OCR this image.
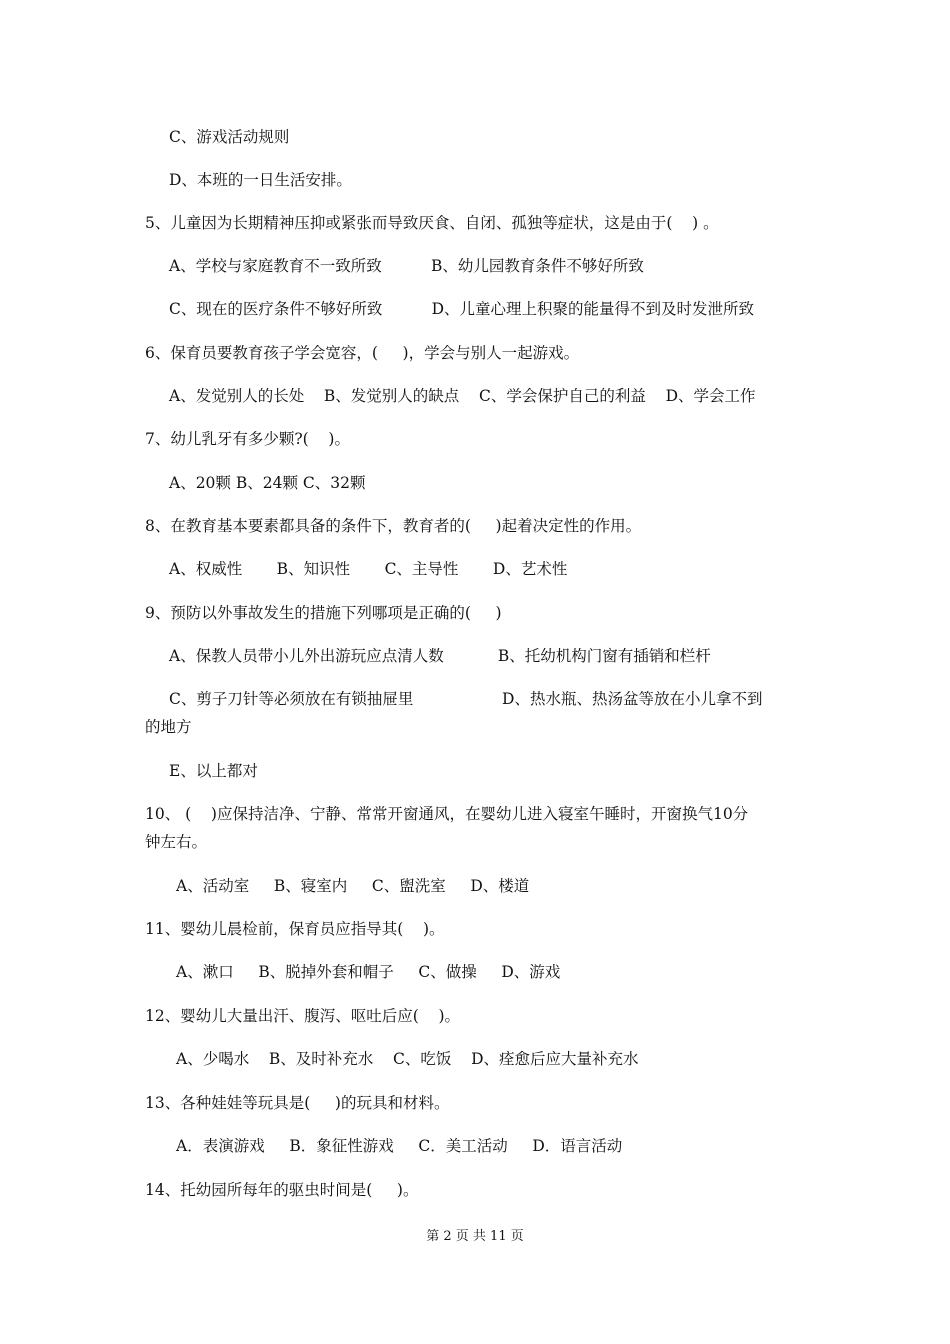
C、游戏活动规则
D、本班的一日生活安排。
5、儿童因为长期精神压抑或紧张而导致厌食、自闭、孤独等症状，这是由于(    ) 。
A、学校与家庭教育不一致所致          B、幼儿园教育条件不够好所致
C、现在的医疗条件不够好所致          D、儿童心理上积聚的能量得不到及时发泄所致
6、保育员要教育孩子学会宽容，(     )，学会与别人一起游戏。
A、发觉别人的长处    B、发觉别人的缺点    C、学会保护自己的利益    D、学会工作
7、幼儿乳牙有多少颗?(    )。
A、20颗 B、24颗 C、32颗
8、在教育基本要素都具备的条件下，教育者的(     )起着决定性的作用。
A、权威性       B、知识性       C、主导性       D、艺术性
9、预防以外事故发生的措施下列哪项是正确的(     )
A、保教人员带小儿外出游玩应点清人数           B、托幼机构门窗有插销和栏杆
C、剪子刀针等必须放在有锁抽屉里                  D、热水瓶、热汤盆等放在小儿拿不到
的地方
E、以上都对
10、 (    )应保持洁净、宁静、常常开窗通风，在婴幼儿进入寝室午睡时，开窗换气10分
钟左右。
A、活动室     B、寝室内     C、盥洗室     D、楼道
11、婴幼儿晨检前，保育员应指导其(    )。
A、漱口     B、脱掉外套和帽子     C、做操     D、游戏
12、婴幼儿大量出汗、腹泻、呕吐后应(    )。
A、少喝水    B、及时补充水    C、吃饭    D、痊愈后应大量补充水
13、各种娃娃等玩具是(     )的玩具和材料。
A．表演游戏     B．象征性游戏     C．美工活动     D．语言活动
14、托幼园所每年的驱虫时间是(     )。
第 2 页 共 11 页
